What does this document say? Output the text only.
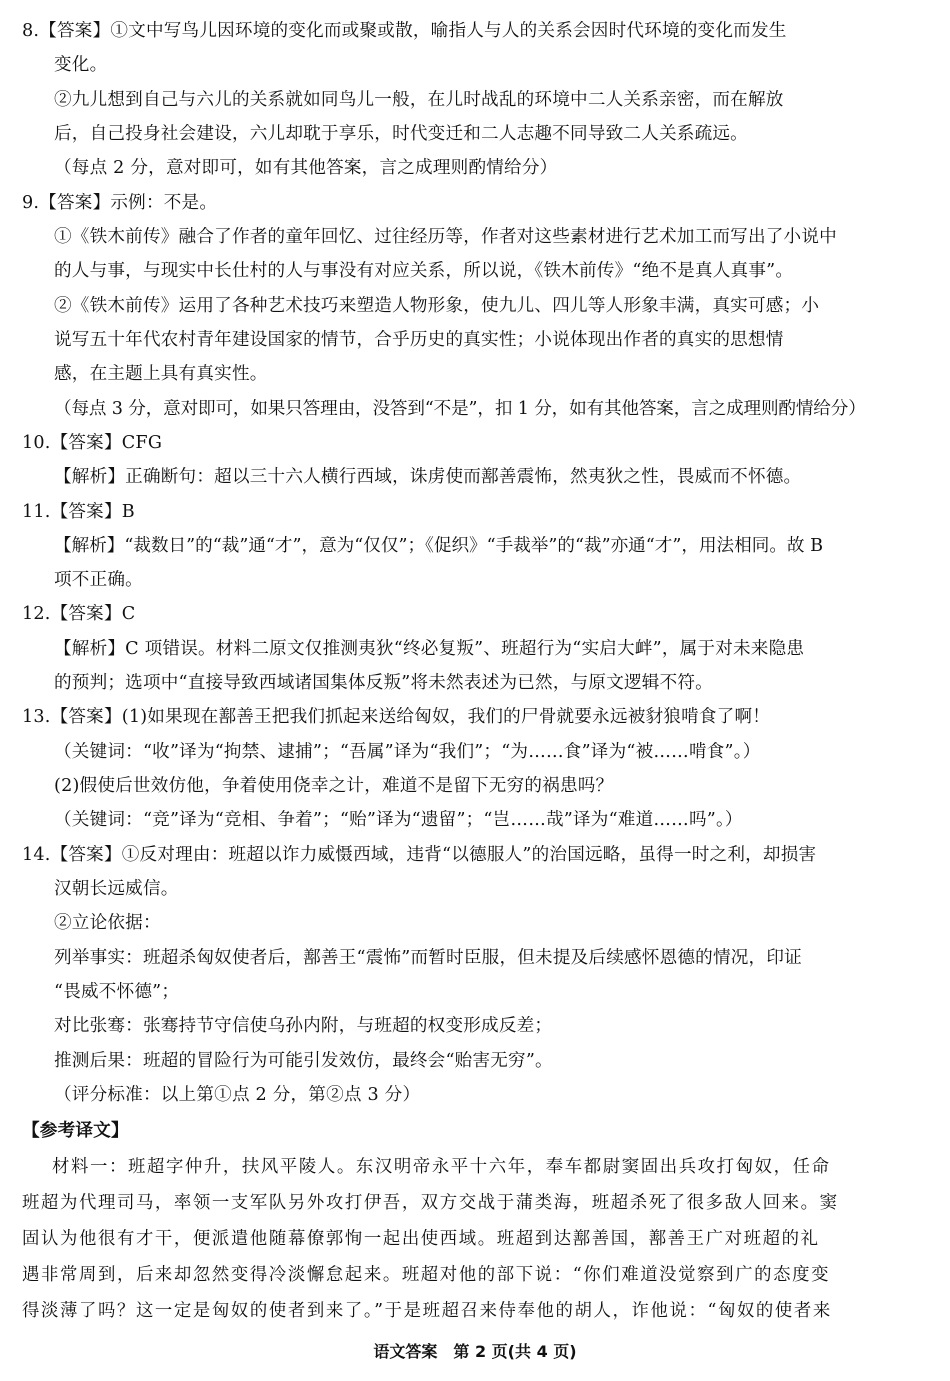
8.【答案】①文中写鸟儿因环境的变化而或聚或散，喻指人与人的关系会因时代环境的变化而发生
变化。
②九儿想到自己与六儿的关系就如同鸟儿一般，在儿时战乱的环境中二人关系亲密，而在解放
后，自己投身社会建设，六儿却耽于享乐，时代变迁和二人志趣不同导致二人关系疏远。
（每点 2 分，意对即可，如有其他答案，言之成理则酌情给分）
9.【答案】示例：不是。
①《铁木前传》融合了作者的童年回忆、过往经历等，作者对这些素材进行艺术加工而写出了小说中
的人与事，与现实中长仕村的人与事没有对应关系，所以说，《铁木前传》“绝不是真人真事”。
②《铁木前传》运用了各种艺术技巧来塑造人物形象，使九儿、四儿等人形象丰满，真实可感；小
说写五十年代农村青年建设国家的情节，合乎历史的真实性；小说体现出作者的真实的思想情
感，在主题上具有真实性。
（每点 3 分，意对即可，如果只答理由，没答到“不是”，扣 1 分，如有其他答案，言之成理则酌情给分）
10.【答案】CFG
【解析】正确断句：超以三十六人横行西域，诛虏使而鄯善震怖，然夷狄之性，畏威而不怀德。
11.【答案】B
【解析】“裁数日”的“裁”通“才”，意为“仅仅”；《促织》“手裁举”的“裁”亦通“才”，用法相同。故 B
项不正确。
12.【答案】C
【解析】C 项错误。材料二原文仅推测夷狄“终必复叛”、班超行为“实启大衅”，属于对未来隐患
的预判；选项中“直接导致西域诸国集体反叛”将未然表述为已然，与原文逻辑不符。
13.【答案】(1)如果现在鄯善王把我们抓起来送给匈奴，我们的尸骨就要永远被豺狼啃食了啊！
（关键词：“收”译为“拘禁、逮捕”；“吾属”译为“我们”；“为……食”译为“被……啃食”。）
(2)假使后世效仿他，争着使用侥幸之计，难道不是留下无穷的祸患吗？
（关键词：“竞”译为“竞相、争着”；“贻”译为“遗留”；“岂……哉”译为“难道……吗”。）
14.【答案】①反对理由：班超以诈力威慑西域，违背“以德服人”的治国远略，虽得一时之利，却损害
汉朝长远威信。
②立论依据：
列举事实：班超杀匈奴使者后，鄯善王“震怖”而暂时臣服，但未提及后续感怀恩德的情况，印证
“畏威不怀德”；
对比张骞：张骞持节守信使乌孙内附，与班超的权变形成反差；
推测后果：班超的冒险行为可能引发效仿，最终会“贻害无穷”。
（评分标准：以上第①点 2 分，第②点 3 分）
【参考译文】
材料一：班超字仲升，扶风平陵人。东汉明帝永平十六年，奉车都尉窦固出兵攻打匈奴，任命
班超为代理司马，率领一支军队另外攻打伊吾，双方交战于蒲类海，班超杀死了很多敌人回来。窦
固认为他很有才干，便派遣他随幕僚郭恂一起出使西域。班超到达鄯善国，鄯善王广对班超的礼
遇非常周到，后来却忽然变得冷淡懈怠起来。班超对他的部下说：“你们难道没觉察到广的态度变
语文答案　第 2 页(共 4 页)
得淡薄了吗？这一定是匈奴的使者到来了。”于是班超召来侍奉他的胡人，诈他说：“匈奴的使者来
